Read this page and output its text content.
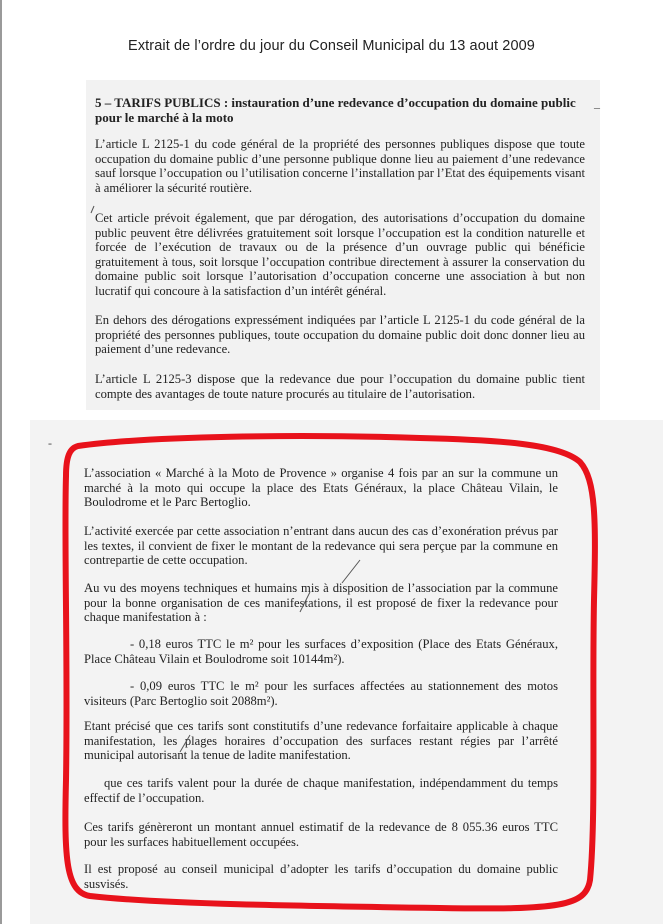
Extrait de l’ordre du jour du Conseil Municipal du 13 aout 2009

5 – TARIFS PUBLICS : instauration d’une redevance d’occupation du domaine public pour le marché à la moto

L’article L 2125-1 du code général de la propriété des personnes publiques dispose que toute occupation du domaine public d’une personne publique donne lieu au paiement d’une redevance sauf lorsque l’occupation ou l’utilisation concerne l’installation par l’Etat des équipements visant à améliorer la sécurité routière.

Cet article prévoit également, que par dérogation, des autorisations d’occupation du domaine public peuvent être délivrées gratuitement soit lorsque l’occupation est la condition naturelle et forcée de l’exécution de travaux ou de la présence d’un ouvrage public qui bénéficie gratuitement à tous, soit lorsque l’occupation contribue directement à assurer la conservation du domaine public soit lorsque l’autorisation d’occupation concerne une association à but non lucratif qui concoure à la satisfaction d’un intérêt général.

En dehors des dérogations expressément indiquées par l’article L 2125-1 du code général de la propriété des personnes publiques, toute occupation du domaine public doit donc donner lieu au paiement d’une redevance.

L’article L 2125-3 dispose que la redevance due pour l’occupation du domaine public tient compte des avantages de toute nature procurés au titulaire de l’autorisation.

L’association « Marché à la Moto de Provence » organise 4 fois par an sur la commune un marché à la moto qui occupe la place des Etats Généraux, la place Château Vilain, le Boulodrome et le Parc Bertoglio.

L’activité exercée par cette association n’entrant dans aucun des cas d’exonération prévus par les textes, il convient de fixer le montant de la redevance qui sera perçue par la commune en contrepartie de cette occupation.

Au vu des moyens techniques et humains mis à disposition de l’association par la commune pour la bonne organisation de ces manifestations, il est proposé de fixer la redevance pour chaque manifestation à :

- 0,18 euros TTC le m² pour les surfaces d’exposition (Place des Etats Généraux, Place Château Vilain et Boulodrome soit 10144m²).

- 0,09 euros TTC le m² pour les surfaces affectées au stationnement des motos visiteurs (Parc Bertoglio soit 2088m²).

Etant précisé que ces tarifs sont constitutifs d’une redevance forfaitaire applicable à chaque manifestation, les plages horaires d’occupation des surfaces restant régies par l’arrêté municipal autorisant la tenue de ladite manifestation.

que ces tarifs valent pour la durée de chaque manifestation, indépendamment du temps effectif de l’occupation.

Ces tarifs génèreront un montant annuel estimatif de la redevance de 8 055.36 euros TTC pour les surfaces habituellement occupées.

Il est proposé au conseil municipal d’adopter les tarifs d’occupation du domaine public susvisés.

–
-
